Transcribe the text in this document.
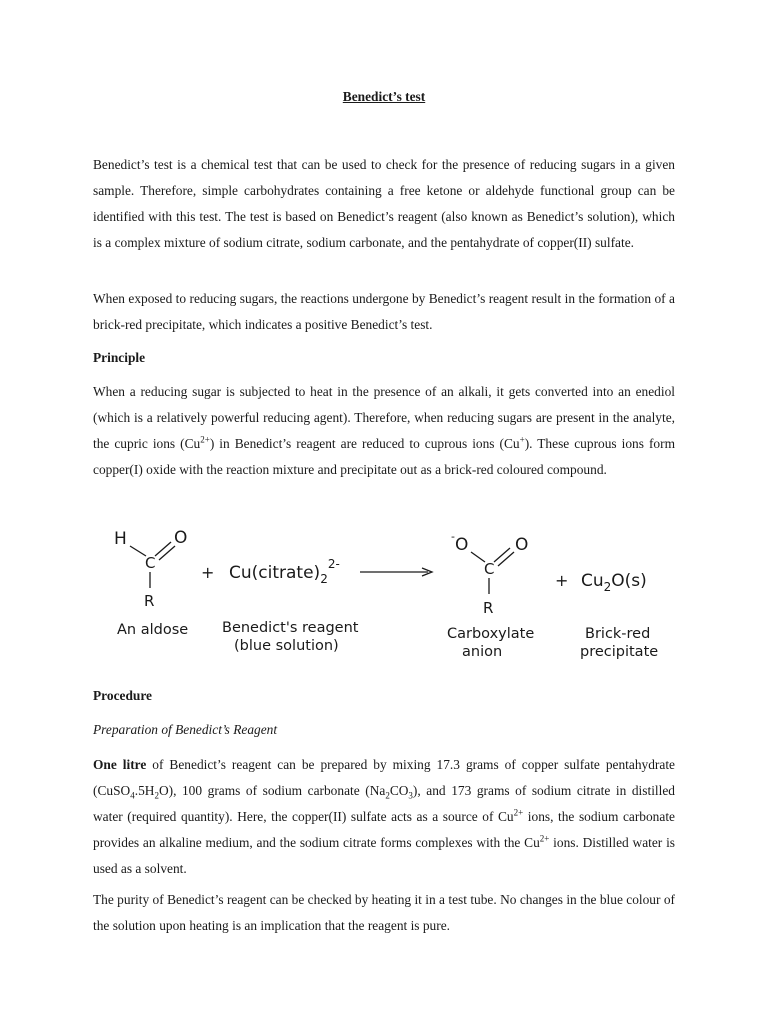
Benedict’s test

Benedict’s test is a chemical test that can be used to check for the presence of reducing sugars in a given sample. Therefore, simple carbohydrates containing a free ketone or aldehyde functional group can be identified with this test. The test is based on Benedict’s reagent (also known as Benedict’s solution), which is a complex mixture of sodium citrate, sodium carbonate, and the pentahydrate of copper(II) sulfate.

When exposed to reducing sugars, the reactions undergone by Benedict’s reagent result in the formation of a brick-red precipitate, which indicates a positive Benedict’s test.

Principle

When a reducing sugar is subjected to heat in the presence of an alkali, it gets converted into an enediol (which is a relatively powerful reducing agent). Therefore, when reducing sugars are present in the analyte, the cupric ions $(Cu^{2+})$ in Benedict’s reagent are reduced to cuprous ions (Cu+). These cuprous ions form copper(I) oxide with the reaction mixture and precipitate out as a brick-red coloured compound.

H
C
O
R
+ $Cu(citrate)_2^{2-}$
- O
C
O
R
+ $Cu_2O(s)$
An aldose Benedict's reagent
(blue solution)
Carboxylate
anion
Brick-red
precipitate

Procedure

Preparation of Benedict’s Reagent

One litre of Benedict’s reagent can be prepared by mixing 17.3 grams of copper sulfate pentahydrate $(CuSO_4.5H_2O)$, 100 grams of sodium carbonate $(Na_2CO_3)$, and 173 grams of sodium citrate in distilled water (required quantity). Here, the copper(II) sulfate acts as a source of $Cu^{2+}$ ions, the sodium carbonate provides an alkaline medium, and the sodium citrate forms complexes with the $Cu^{2+}$ ions. Distilled water is used as a solvent.

The purity of Benedict’s reagent can be checked by heating it in a test tube. No changes in the blue colour of the solution upon heating is an implication that the reagent is pure.
